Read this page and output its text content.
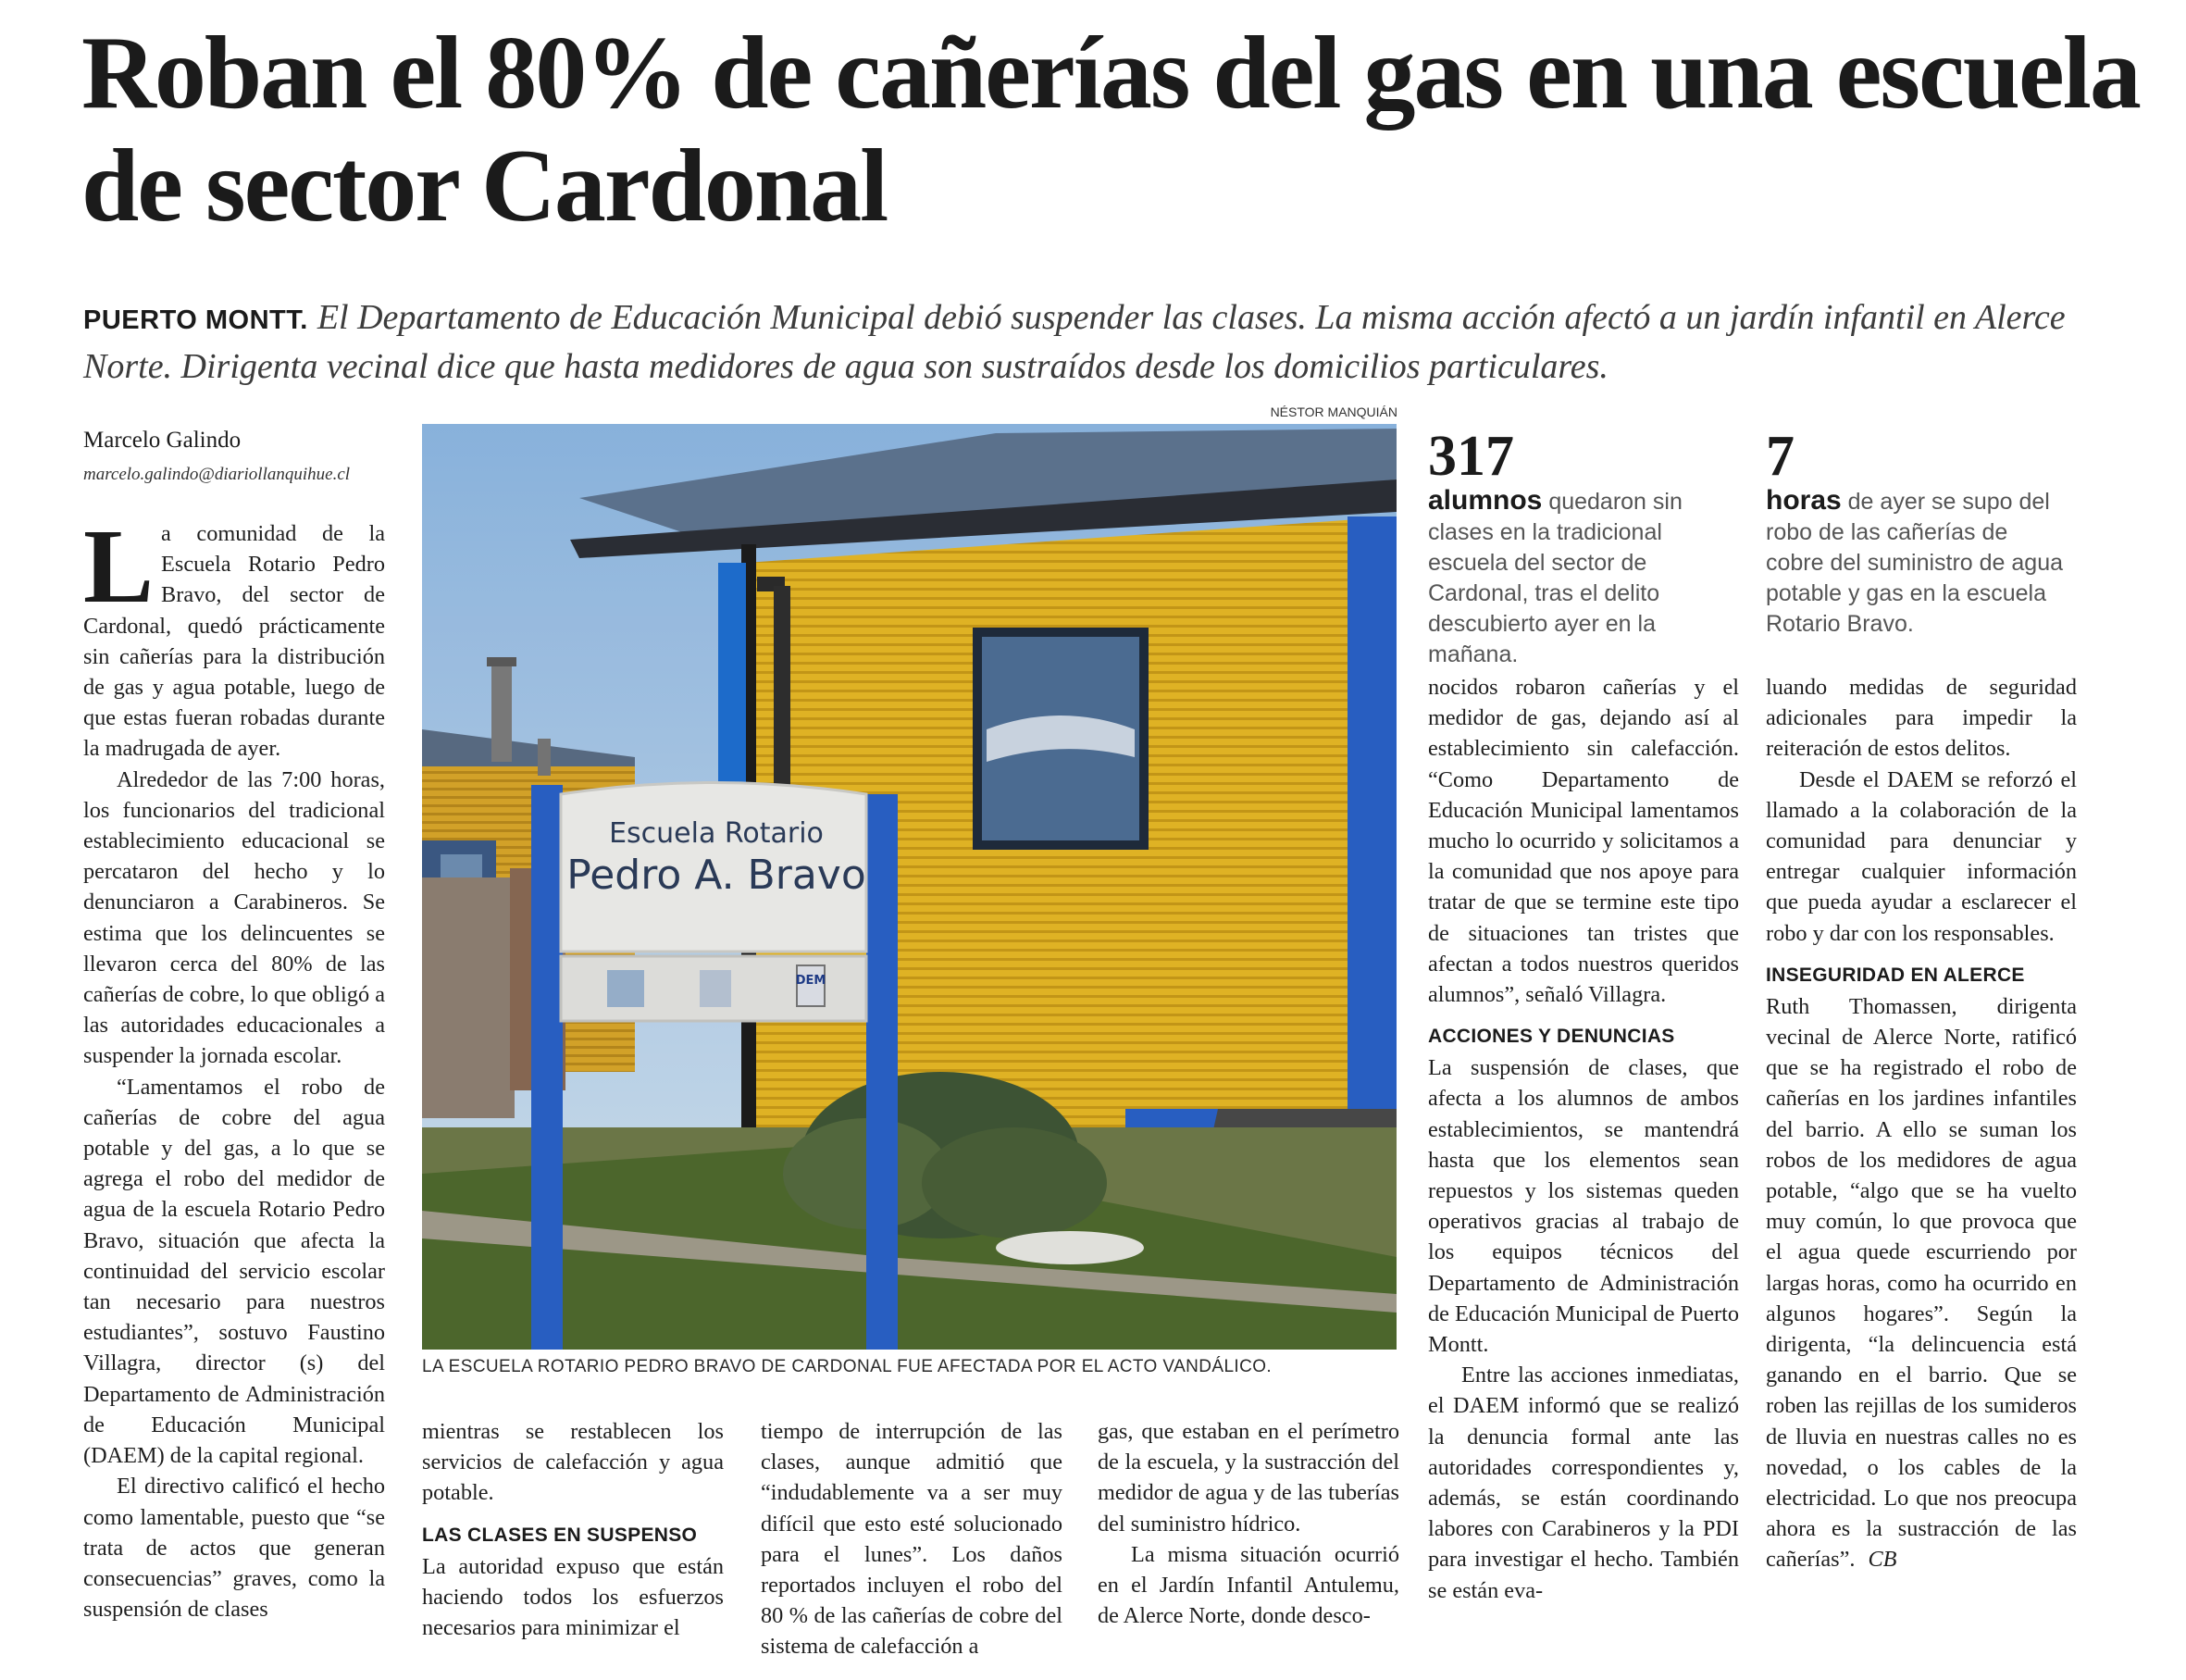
Roban el 80% de cañerías del gas en una escuela de sector Cardonal

PUERTO MONTT. El Departamento de Educación Municipal debió suspender las clases. La misma acción afectó a un jardín infantil en Alerce Norte. Dirigenta vecinal dice que hasta medidores de agua son sustraídos desde los domicilios particulares.

Marcelo Galindo
marcelo.galindo@diariollanquihue.cl

La comunidad de la Escuela Rotario Pedro Bravo, del sector de Cardonal, quedó prácticamente sin cañerías para la distribución de gas y agua potable, luego de que estas fueran robadas durante la madrugada de ayer.

Alrededor de las 7:00 horas, los funcionarios del tradicional establecimiento educacional se percataron del hecho y lo denunciaron a Carabineros. Se estima que los delincuentes se llevaron cerca del 80% de las cañerías de cobre, lo que obligó a las autoridades educacionales a suspender la jornada escolar.

“Lamentamos el robo de cañerías de cobre del agua potable y del gas, a lo que se agrega el robo del medidor de agua de la escuela Rotario Pedro Bravo, situación que afecta la continuidad del servicio escolar tan necesario para nuestros estudiantes”, sostuvo Faustino Villagra, director (s) del Departamento de Administración de Educación Municipal (DAEM) de la capital regional.

El directivo calificó el hecho como lamentable, puesto que “se trata de actos que generan consecuencias” graves, como la suspensión de clases

NÉSTOR MANQUIÁN
Escuela Rotario
Pedro A. Bravo
DEM
LA ESCUELA ROTARIO PEDRO BRAVO DE CARDONAL FUE AFECTADA POR EL ACTO VANDÁLICO.
317
alumnos quedaron sin clases en la tradicional escuela del sector de Cardonal, tras el delito descubierto ayer en la mañana.
7
horas de ayer se supo del robo de las cañerías de cobre del suministro de agua potable y gas en la escuela Rotario Bravo.

mientras se restablecen los servicios de calefacción y agua potable.

LAS CLASES EN SUSPENSO

La autoridad expuso que están haciendo todos los esfuerzos necesarios para minimizar el

tiempo de interrupción de las clases, aunque admitió que “indudablemente va a ser muy difícil que esto esté solucionado para el lunes”. Los daños reportados incluyen el robo del 80 % de las cañerías de cobre del sistema de calefacción a

gas, que estaban en el perímetro de la escuela, y la sustracción del medidor de agua y de las tuberías del suministro hídrico.

La misma situación ocurrió en el Jardín Infantil Antulemu, de Alerce Norte, donde desco-

nocidos robaron cañerías y el medidor de gas, dejando así al establecimiento sin calefacción. “Como Departamento de Educación Municipal lamentamos mucho lo ocurrido y solicitamos a la comunidad que nos apoye para tratar de que se termine este tipo de situaciones tan tristes que afectan a todos nuestros queridos alumnos”, señaló Villagra.

ACCIONES Y DENUNCIAS

La suspensión de clases, que afecta a los alumnos de ambos establecimientos, se mantendrá hasta que los elementos sean repuestos y los sistemas queden operativos gracias al trabajo de los equipos técnicos del Departamento de Administración de Educación Municipal de Puerto Montt.

Entre las acciones inmediatas, el DAEM informó que se realizó la denuncia formal ante las autoridades correspondientes y, además, se están coordinando labores con Carabineros y la PDI para investigar el hecho. También se están eva-

luando medidas de seguridad adicionales para impedir la reiteración de estos delitos.

Desde el DAEM se reforzó el llamado a la colaboración de la comunidad para denunciar y entregar cualquier información que pueda ayudar a esclarecer el robo y dar con los responsables.

INSEGURIDAD EN ALERCE

Ruth Thomassen, dirigenta vecinal de Alerce Norte, ratificó que se ha registrado el robo de cañerías en los jardines infantiles del barrio. A ello se suman los robos de los medidores de agua potable, “algo que se ha vuelto muy común, lo que provoca que el agua quede escurriendo por largas horas, como ha ocurrido en algunos hogares”. Según la dirigenta, “la delincuencia está ganando en el barrio. Que se roben las rejillas de los sumideros de lluvia en nuestras calles no es novedad, o los cables de la electricidad. Lo que nos preocupa ahora es la sustracción de las cañerías”. CB
